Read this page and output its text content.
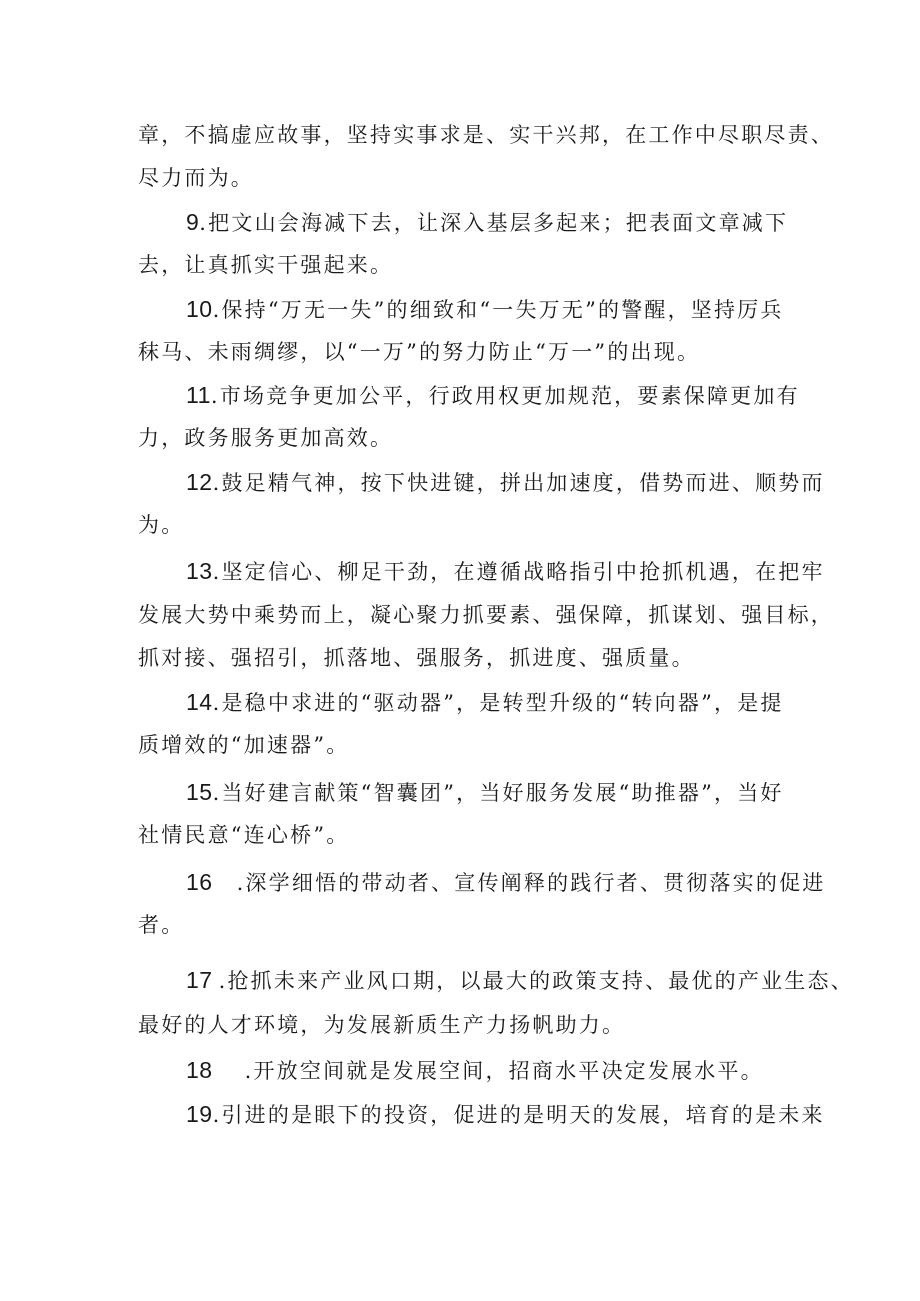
章，不搞虚应故事，坚持实事求是、实干兴邦，在工作中尽职尽责、
尽力而为。
9.把文山会海减下去，让深入基层多起来；把表面文章减下
去，让真抓实干强起来。
10.保持“万无一失”的细致和“一失万无”的警醒，坚持厉兵
秣马、未雨绸缪，以“一万”的努力防止“万一”的出现。
11.市场竞争更加公平，行政用权更加规范，要素保障更加有
力，政务服务更加高效。
12.鼓足精气神，按下快进键，拼出加速度，借势而进、顺势而
为。
13.坚定信心、柳足干劲，在遵循战略指引中抢抓机遇，在把牢
发展大势中乘势而上，凝心聚力抓要素、强保障，抓谋划、强目标，
抓对接、强招引，抓落地、强服务，抓进度、强质量。
14.是稳中求进的“驱动器”，是转型升级的“转向器”，是提
质增效的“加速器”。
15.当好建言献策“智囊团”，当好服务发展“助推器”，当好
社情民意“连心桥”。
16 .深学细悟的带动者、宣传阐释的践行者、贯彻落实的促进
者。
17 .抢抓未来产业风口期，以最大的政策支持、最优的产业生态、
最好的人才环境，为发展新质生产力扬帆助力。
18 .开放空间就是发展空间，招商水平决定发展水平。
19.引进的是眼下的投资，促进的是明天的发展，培育的是未来
